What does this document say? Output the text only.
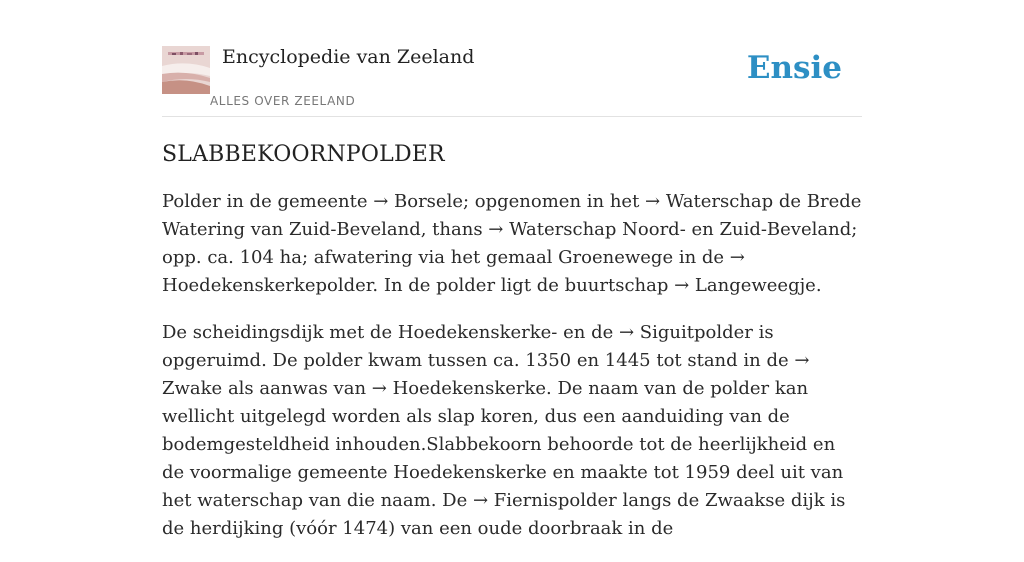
Encyclopedie van Zeeland
ALLES OVER ZEELAND
Ensie
SLABBEKOORNPOLDER

Polder in de gemeente → Borsele; opgenomen in het → Waterschap de Brede Watering van Zuid-Beveland, thans → Waterschap Noord- en Zuid-Beveland; opp. ca. 104 ha; afwatering via het gemaal Groenewege in de → Hoedekenskerkepolder. In de polder ligt de buurtschap → Langeweegje.

De scheidingsdijk met de Hoedekenskerke- en de → Siguitpolder is opgeruimd. De polder kwam tussen ca. 1350 en 1445 tot stand in de → Zwake als aanwas van → Hoedekenskerke. De naam van de polder kan wellicht uitgelegd worden als slap koren, dus een aanduiding van de bodemgesteldheid inhouden.Slabbekoorn behoorde tot de heerlijkheid en de voormalige gemeente Hoedekenskerke en maakte tot 1959 deel uit van het waterschap van die naam. De → Fiernispolder langs de Zwaakse dijk is de herdijking (vóór 1474) van een oude doorbraak in de
